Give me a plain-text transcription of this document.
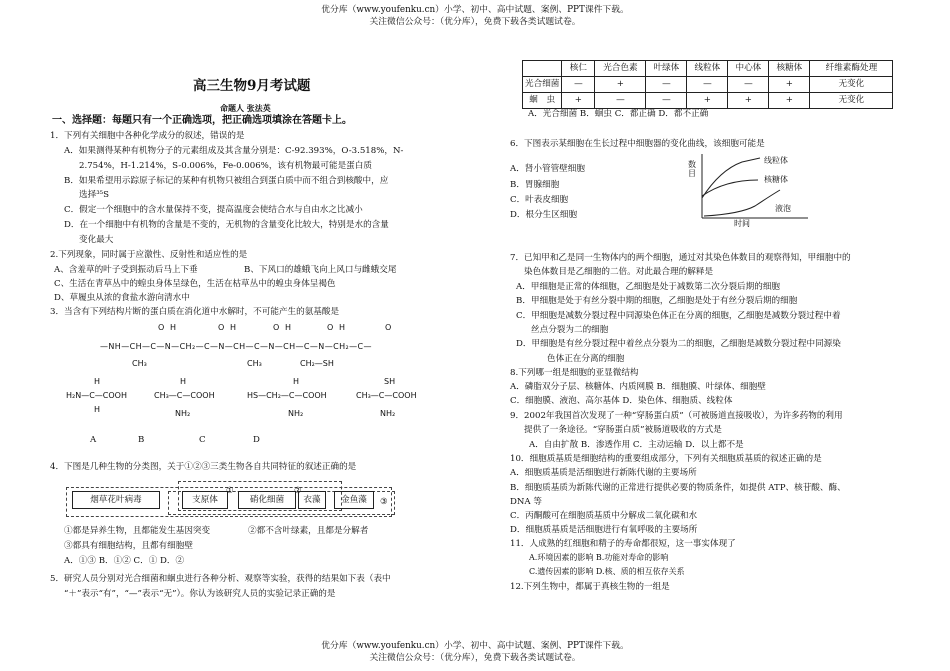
优分库（www.youfenku.cn）小学、初中、高中试题、案例、PPT课件下载。
关注微信公众号：（优分库），免费下载各类试题试卷。
高三生物9月考试题
命题人 张法英
一、选择题：每题只有一个正确选项，把正确选项填涂在答题卡上。
1．下列有关细胞中各种化学成分的叙述，错误的是
A．如果测得某种有机物分子的元素组成及其含量分别是：C-92.393%，O-3.518%，N-
2.754%，H-1.214%，S-0.006%，Fe-0.006%，该有机物最可能是蛋白质
B．如果希望用示踪原子标记的某种有机物只被组合到蛋白质中而不组合到核酸中，应
选择³⁵S
C．假定一个细胞中的含水量保持不变，提高温度会使结合水与自由水之比减小
D．在一个细胞中有机物的含量是不变的，无机物的含量变化比较大，特别是水的含量
变化最大
2.下列现象，同时属于应激性、反射性和适应性的是
A、含羞草的叶子受到振动后马上下垂	B、下风口的雄蛾飞向上风口与雌蛾交尾
C、生活在青草丛中的蝗虫身体呈绿色，生活在枯草丛中的蝗虫身体呈褐色
D、草履虫从浓的食盐水游向清水中
3．当含有下列结构片断的蛋白质在消化道中水解时，不可能产生的氨基酸是
O H	O H	O H	O H	O
—NH—CH—C—N—CH₂—C—N—CH—C—N—CH—C—N—CH₂—C—
CH₃	CH₃	CH₂—SH
H
H₂N—C—COOH
H
H
CH₃—C—COOH
NH₂
H
HS—CH₂—C—COOH
NH₂
SH
CH₃—C—COOH
NH₂
A	B	C	D
4．下图是几种生物的分类图，关于①②③三类生物各自共同特征的叙述正确的是
烟草花叶病毒	支原体
①
硝化细菌
②
衣藻	金鱼藻	③
①都是异养生物，且都能发生基因突变	②都不含叶绿素，且都是分解者
③都具有细胞结构，且都有细胞壁
A．①③ B．①② C．① D．②
5．研究人员分别对光合细菌和蛔虫进行各种分析、观察等实验，获得的结果如下表（表中
“＋”表示“有”，“—”表示“无”）。你认为该研究人员的实验记录正确的是
	核仁	光合色素	叶绿体	线粒体	中心体	核糖体	纤维素酶处理
光合细菌	—	+	—	—	—	+	无变化
蛔　虫	+	—	—	+	+	+	无变化
A．光合细菌 B．蛔虫 C．都正确 D．都不正确
6．下图表示某细胞在生长过程中细胞器的变化曲线，该细胞可能是
A．肾小管管壁细胞
B．胃腺细胞
C．叶表皮细胞
D．根分生区细胞
数目
线粒体
核糖体
液泡
时间
7．已知甲和乙是同一生物体内的两个细胞，通过对其染色体数目的观察得知，甲细胞中的
染色体数目是乙细胞的二倍。对此最合理的解释是
A．甲细胞是正常的体细胞，乙细胞是处于减数第二次分裂后期的细胞
B．甲细胞是处于有丝分裂中期的细胞，乙细胞是处于有丝分裂后期的细胞
C．甲细胞是减数分裂过程中同源染色体正在分离的细胞，乙细胞是减数分裂过程中着
丝点分裂为二的细胞
D．甲细胞是有丝分裂过程中着丝点分裂为二的细胞，乙细胞是减数分裂过程中同源染
色体正在分离的细胞
8.下列哪一组是细胞的亚显微结构
A．磷脂双分子层、核糖体、内质网膜 B．细胞膜、叶绿体、细胞壁
C．细胞膜、液泡、高尔基体 D．染色体、细胞质、线粒体
9．2002年我国首次发现了一种“穿肠蛋白质”（可被肠道直接吸收），为许多药物的利用
提供了一条途径。“穿肠蛋白质”被肠道吸收的方式是
A．自由扩散 B．渗透作用 C．主动运输 D．以上都不是
10．细胞质基质是细胞结构的重要组成部分，下列有关细胞质基质的叙述正确的是
A．细胞质基质是活细胞进行新陈代谢的主要场所
B．细胞质基质为新陈代谢的正常进行提供必要的物质条件，如提供 ATP、核苷酸、酶、
DNA 等
C．丙酮酸可在细胞质基质中分解成二氧化碳和水
D．细胞质基质是活细胞进行有氧呼吸的主要场所
11．人成熟的红细胞和精子的寿命都很短，这一事实体现了
A.环境因素的影响 B.功能对寿命的影响
C.遗传因素的影响 D.核、质的相互依存关系
12.下列生物中，都属于真核生物的一组是
优分库（www.youfenku.cn）小学、初中、高中试题、案例、PPT课件下载。
关注微信公众号：（优分库），免费下载各类试题试卷。
